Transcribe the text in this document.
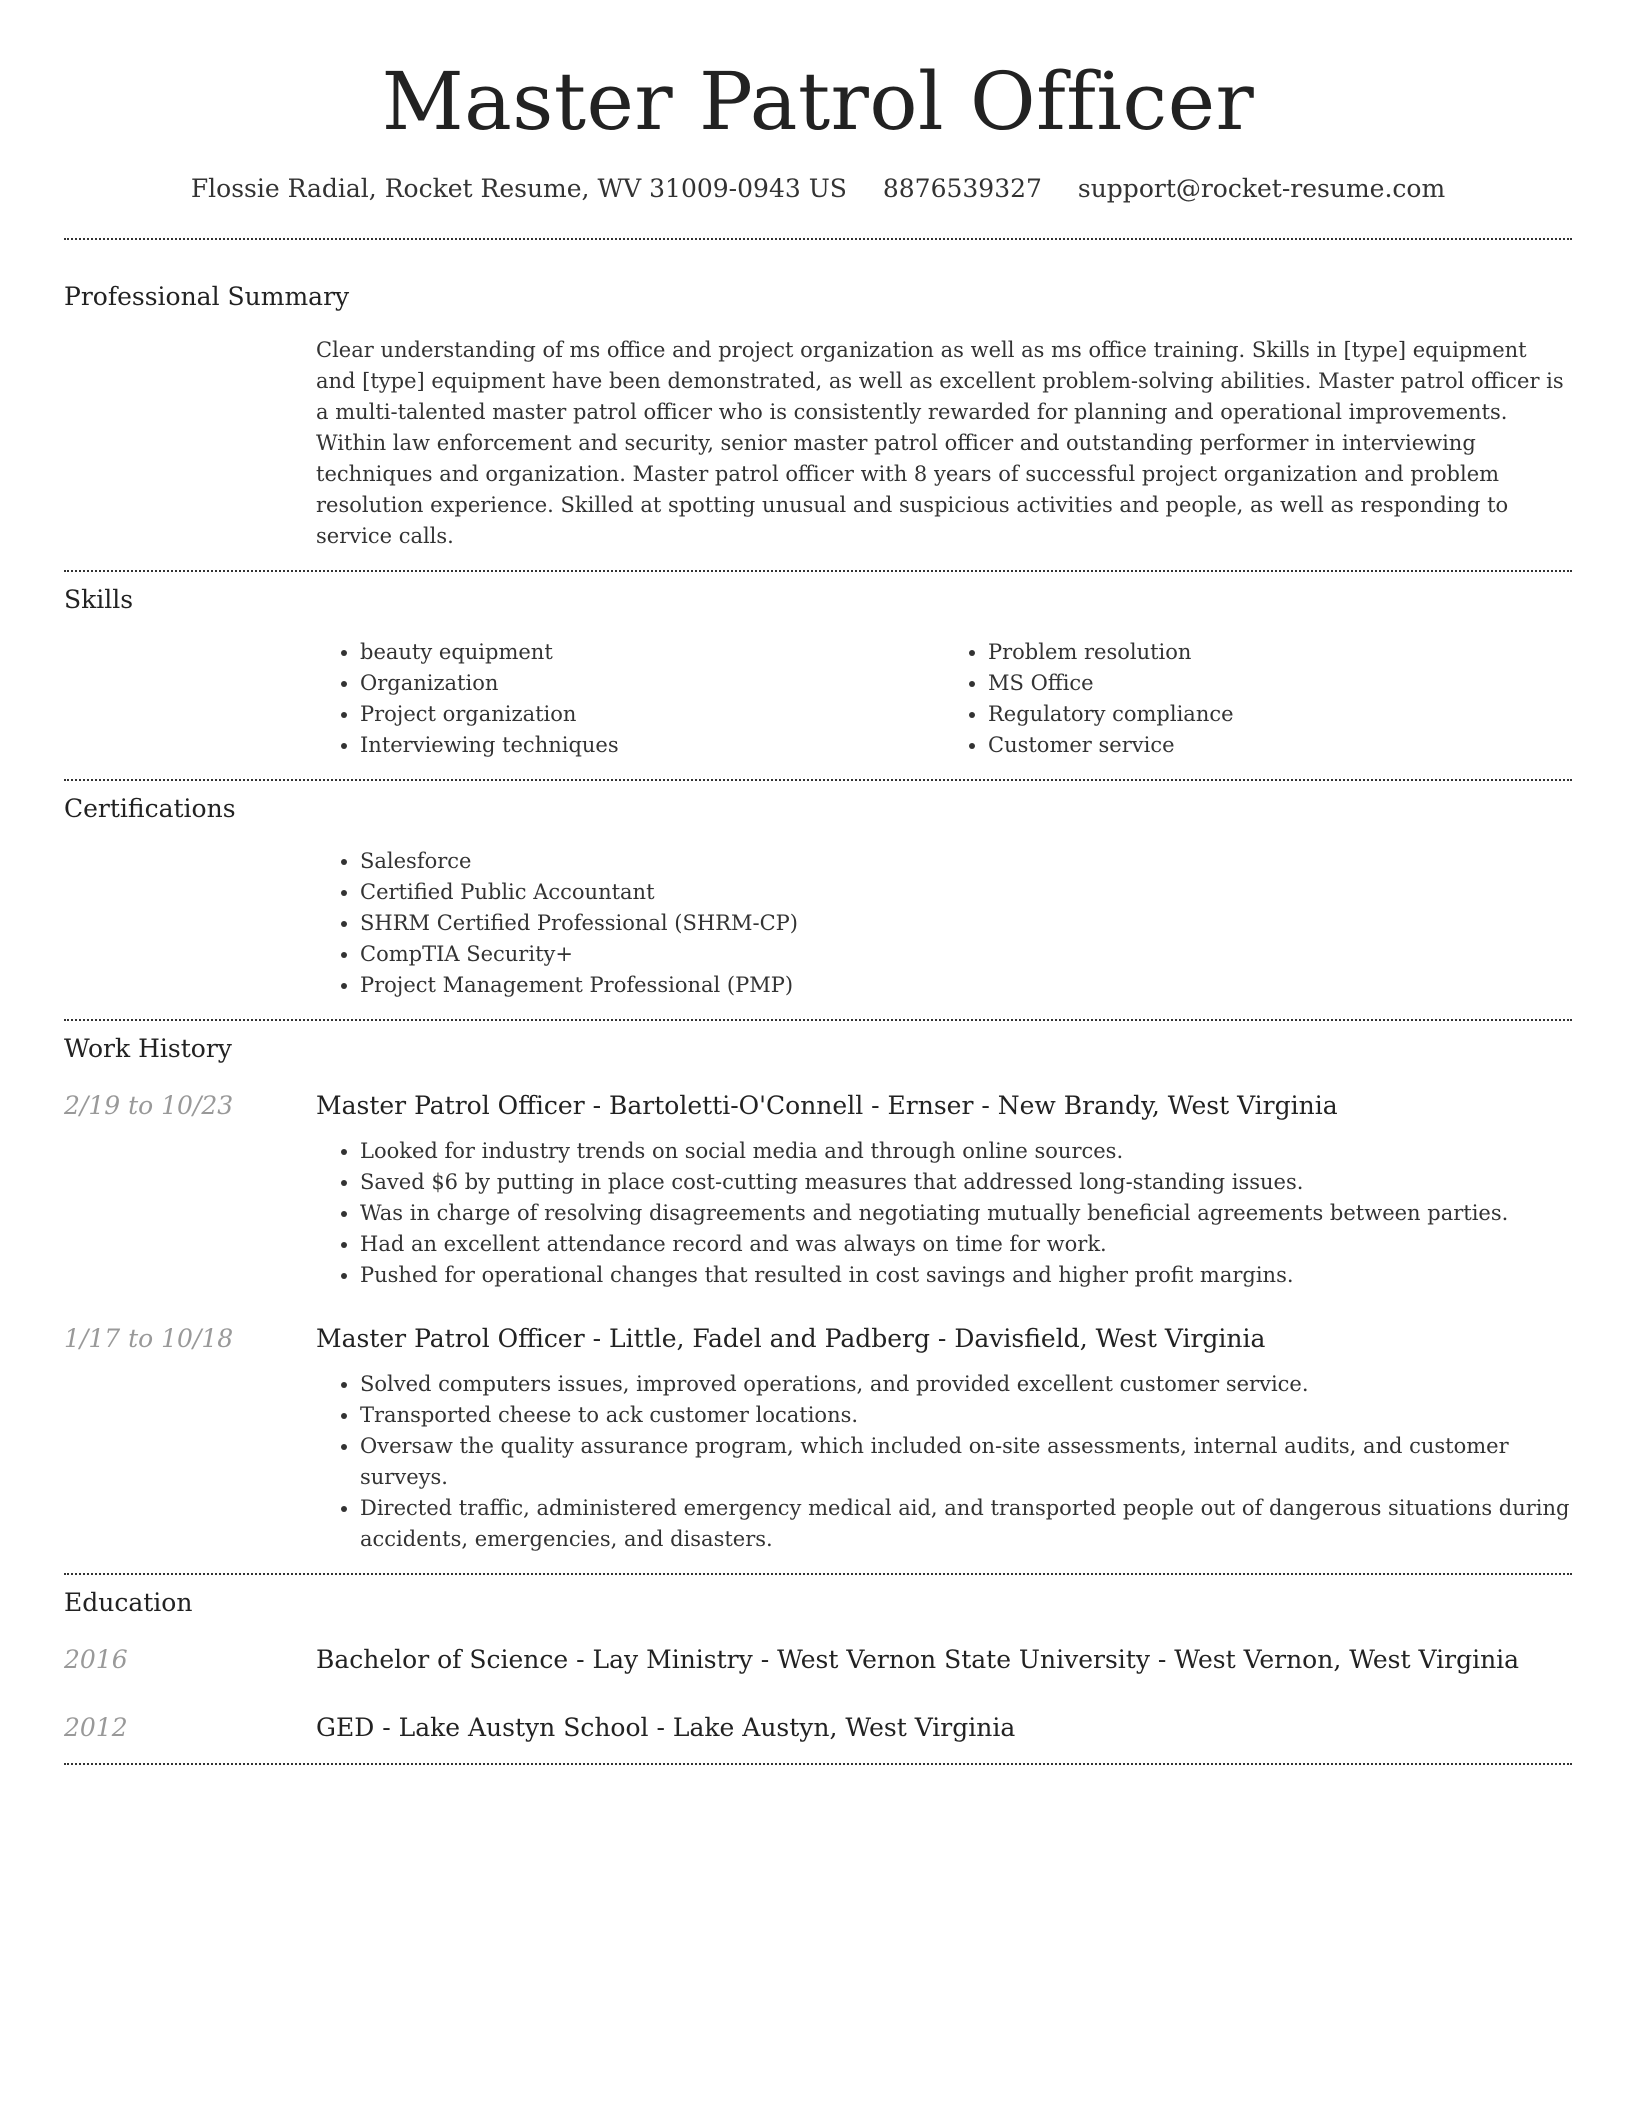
Master Patrol Officer
Flossie Radial, Rocket Resume, WV 31009-0943 US 8876539327 support@rocket-resume.com
Professional Summary

Clear understanding of ms office and project organization as well as ms office training. Skills in [type] equipment and [type] equipment have been demonstrated, as well as excellent problem-solving abilities. Master patrol officer is a multi-talented master patrol officer who is consistently rewarded for planning and operational improvements. Within law enforcement and security, senior master patrol officer and outstanding performer in interviewing techniques and organization. Master patrol officer with 8 years of successful project organization and problem resolution experience. Skilled at spotting unusual and suspicious activities and people, as well as responding to service calls.

Skills
• beauty equipment
• Organization
• Project organization
• Interviewing techniques
• Problem resolution
• MS Office
• Regulatory compliance
• Customer service
Certifications
• Salesforce
• Certified Public Accountant
• SHRM Certified Professional (SHRM-CP)
• CompTIA Security+
• Project Management Professional (PMP)
Work History
2/19 to 10/23	Master Patrol Officer - Bartoletti-O'Connell - Ernser - New Brandy, West Virginia
• Looked for industry trends on social media and through online sources.
• Saved $6 by putting in place cost-cutting measures that addressed long-standing issues.
• Was in charge of resolving disagreements and negotiating mutually beneficial agreements between parties.
• Had an excellent attendance record and was always on time for work.
• Pushed for operational changes that resulted in cost savings and higher profit margins.
1/17 to 10/18	Master Patrol Officer - Little, Fadel and Padberg - Davisfield, West Virginia
• Solved computers issues, improved operations, and provided excellent customer service.
• Transported cheese to ack customer locations.
• Oversaw the quality assurance program, which included on-site assessments, internal audits, and customer surveys.
• Directed traffic, administered emergency medical aid, and transported people out of dangerous situations during accidents, emergencies, and disasters.
Education
2016	Bachelor of Science - Lay Ministry - West Vernon State University - West Vernon, West Virginia
2012	GED - Lake Austyn School - Lake Austyn, West Virginia
